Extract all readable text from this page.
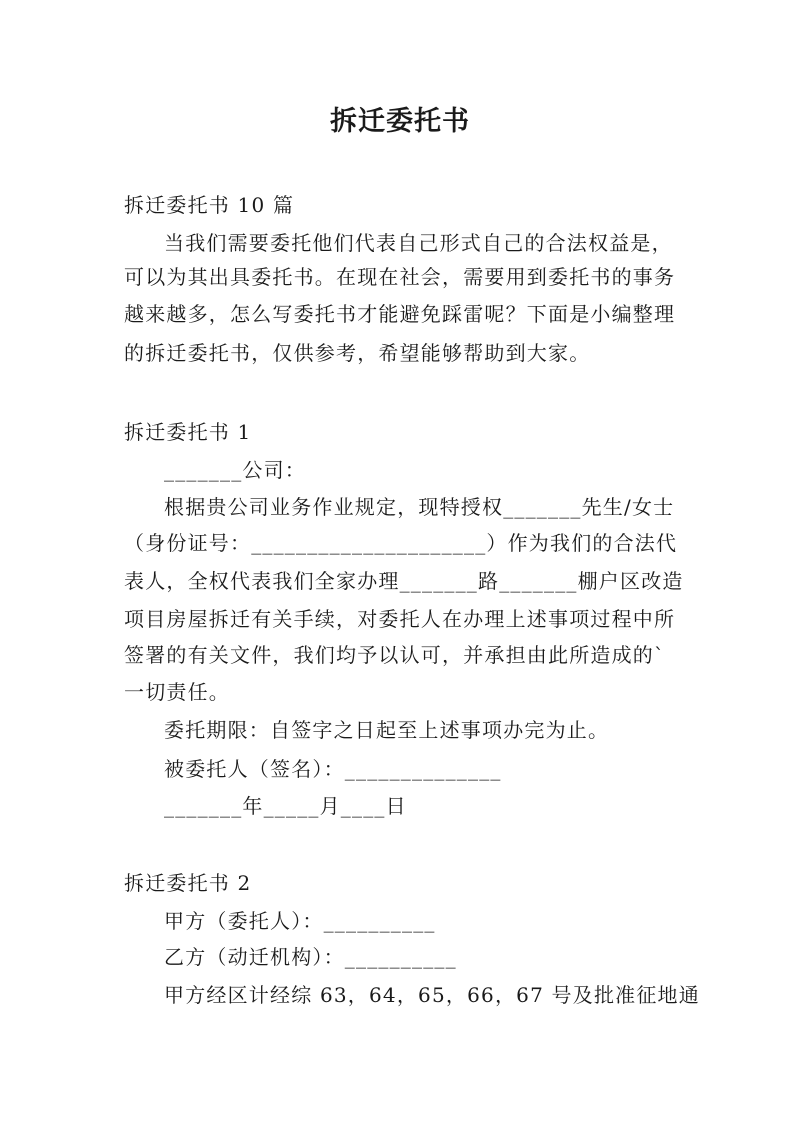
拆迁委托书
拆迁委托书 10 篇
当我们需要委托他们代表自己形式自己的合法权益是，
可以为其出具委托书。在现在社会，需要用到委托书的事务
越来越多，怎么写委托书才能避免踩雷呢？下面是小编整理
的拆迁委托书，仅供参考，希望能够帮助到大家。
拆迁委托书 1
_______公司：
根据贵公司业务作业规定，现特授权_______先生/女士
（身份证号：_____________________）作为我们的合法代
表人，全权代表我们全家办理_______路_______棚户区改造
项目房屋拆迁有关手续，对委托人在办理上述事项过程中所
签署的有关文件，我们均予以认可，并承担由此所造成的`
一切责任。
委托期限：自签字之日起至上述事项办完为止。
被委托人（签名）：______________
_______年_____月____日
拆迁委托书 2
甲方（委托人）：__________
乙方（动迁机构）：__________
甲方经区计经综 63，64，65，66，67 号及批准征地通
